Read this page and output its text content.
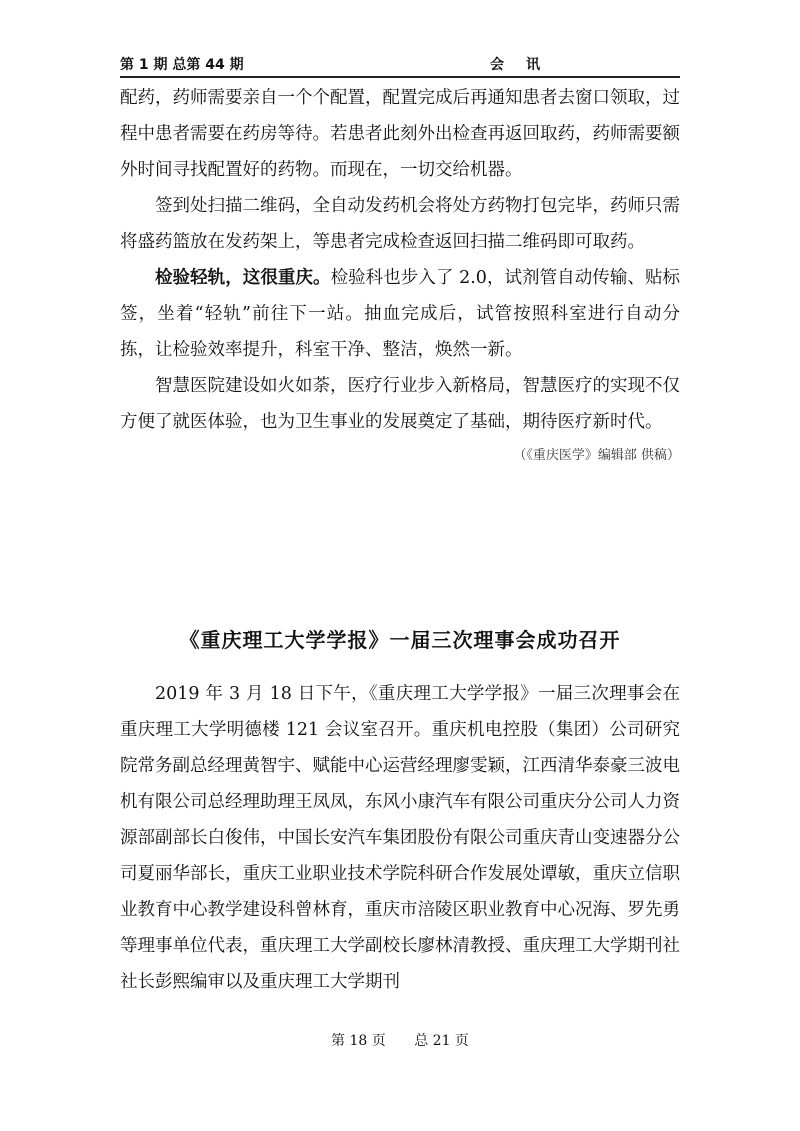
第 1 期 总第 44 期	会讯

配药，药师需要亲自一个个配置，配置完成后再通知患者去窗口领取，过程中患者需要在药房等待。若患者此刻外出检查再返回取药，药师需要额外时间寻找配置好的药物。而现在，一切交给机器。

签到处扫描二维码，全自动发药机会将处方药物打包完毕，药师只需将盛药篮放在发药架上，等患者完成检查返回扫描二维码即可取药。

检验轻轨，这很重庆。检验科也步入了 2.0，试剂管自动传输、贴标签，坐着“轻轨”前往下一站。抽血完成后，试管按照科室进行自动分拣，让检验效率提升，科室干净、整洁，焕然一新。

智慧医院建设如火如荼，医疗行业步入新格局，智慧医疗的实现不仅方便了就医体验，也为卫生事业的发展奠定了基础，期待医疗新时代。

（《重庆医学》编辑部 供稿）
《重庆理工大学学报》一届三次理事会成功召开

2019 年 3 月 18 日下午，《重庆理工大学学报》一届三次理事会在重庆理工大学明德楼 121 会议室召开。重庆机电控股（集团）公司研究院常务副总经理黄智宇、赋能中心运营经理廖雯颖，江西清华泰豪三波电机有限公司总经理助理王凤凤，东风小康汽车有限公司重庆分公司人力资源部副部长白俊伟，中国长安汽车集团股份有限公司重庆青山变速器分公司夏丽华部长，重庆工业职业技术学院科研合作发展处谭敏，重庆立信职业教育中心教学建设科曾林育，重庆市涪陵区职业教育中心况海、罗先勇等理事单位代表，重庆理工大学副校长廖林清教授、重庆理工大学期刊社社长彭熙编审以及重庆理工大学期刊

第 18 页 总 21 页
